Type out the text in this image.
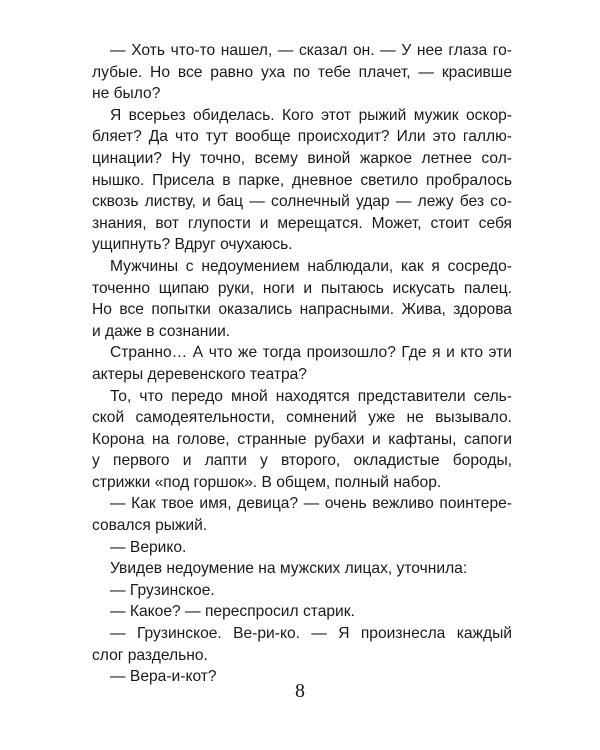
— Хоть что-то нашел, — сказал он. — У нее глаза го-
лубые. Но все равно уха по тебе плачет, — красивше
не было?
Я всерьез обиделась. Кого этот рыжий мужик оскор-
бляет? Да что тут вообще происходит? Или это галлю-
цинации? Ну точно, всему виной жаркое летнее сол-
нышко. Присела в парке, дневное светило пробралось
сквозь листву, и бац — солнечный удар — лежу без со-
знания, вот глупости и мерещатся. Может, стоит себя
ущипнуть? Вдруг очухаюсь.
Мужчины с недоумением наблюдали, как я сосредо-
точенно щипаю руки, ноги и пытаюсь искусать палец.
Но все попытки оказались напрасными. Жива, здорова
и даже в сознании.
Странно… А что же тогда произошло? Где я и кто эти
актеры деревенского театра?
То, что передо мной находятся представители сель-
ской самодеятельности, сомнений уже не вызывало.
Корона на голове, странные рубахи и кафтаны, сапоги
у первого и лапти у второго, окладистые бороды,
стрижки «под горшок». В общем, полный набор.
— Как твое имя, девица? — очень вежливо поинтере-
совался рыжий.
— Верико.
Увидев недоумение на мужских лицах, уточнила:
— Грузинское.
— Какое? — переспросил старик.
— Грузинское. Ве-ри-ко. — Я произнесла каждый
слог раздельно.
— Вера-и-кот?
8
